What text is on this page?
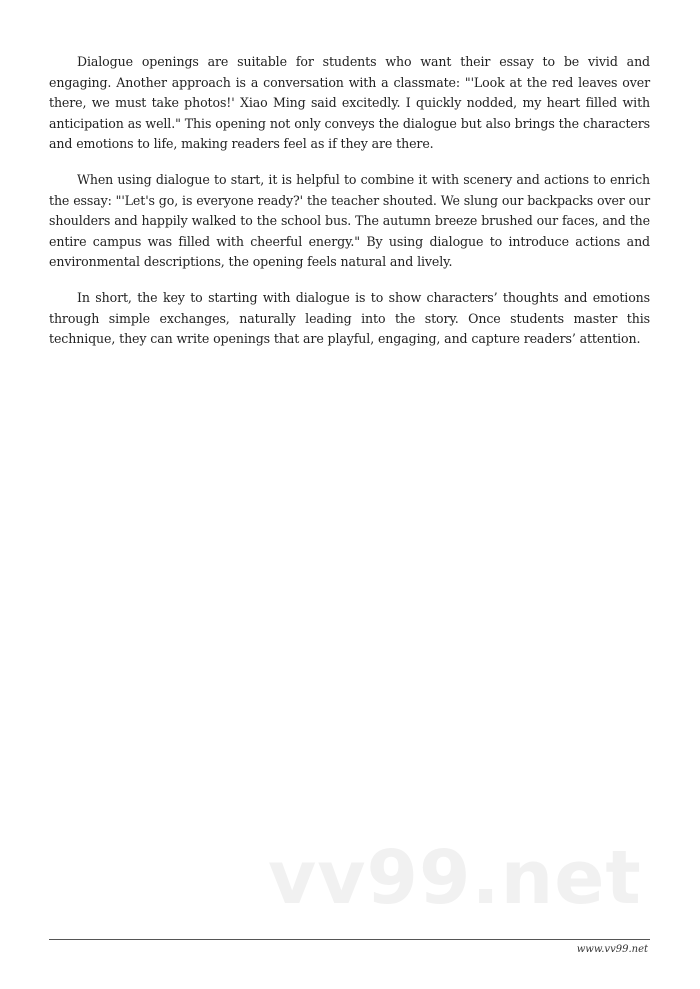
Dialogue openings are suitable for students who want their essay to be vivid and engaging. Another approach is a conversation with a classmate: "'Look at the red leaves over there, we must take photos!' Xiao Ming said excitedly. I quickly nodded, my heart filled with anticipation as well." This opening not only conveys the dialogue but also brings the characters and emotions to life, making readers feel as if they are there.

When using dialogue to start, it is helpful to combine it with scenery and actions to enrich the essay: "'Let's go, is everyone ready?' the teacher shouted. We slung our backpacks over our shoulders and happily walked to the school bus. The autumn breeze brushed our faces, and the entire campus was filled with cheerful energy." By using dialogue to introduce actions and environmental descriptions, the opening feels natural and lively.

In short, the key to starting with dialogue is to show characters’ thoughts and emotions through simple exchanges, naturally leading into the story. Once students master this technique, they can write openings that are playful, engaging, and capture readers’ attention.

vv99.net
www.vv99.net
